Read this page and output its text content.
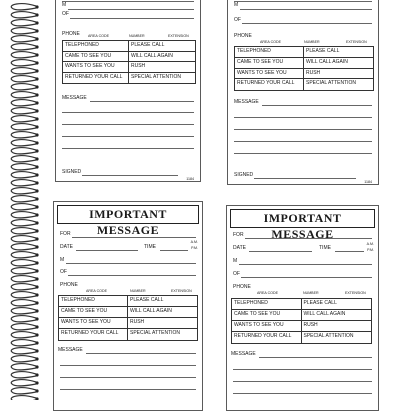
M
OF
PHONE AREA CODE	NUMBER	EXTENSION
TELEPHONED	PLEASE CALL
CAME TO SEE YOU	WILL CALL AGAIN
WANTS TO SEE YOU	RUSH
RETURNED YOUR CALL	SPECIAL ATTENTION
MESSAGE
SIGNED
1184
M
OF
PHONE
AREA CODE	NUMBER	EXTENSION
TELEPHONED	PLEASE CALL
CAME TO SEE YOU	WILL CALL AGAIN
WANTS TO SEE YOU	RUSH
RETURNED YOUR CALL	SPECIAL ATTENTION
MESSAGE
SIGNED
1184
IMPORTANT MESSAGE
FOR
DATE	TIME
A.M.
P.M.
M
OF
PHONE
AREA CODE	NUMBER	EXTENSION
TELEPHONED	PLEASE CALL
CAME TO SEE YOU	WILL CALL AGAIN
WANTS TO SEE YOU	RUSH
RETURNED YOUR CALL	SPECIAL ATTENTION
MESSAGE
IMPORTANT MESSAGE
FOR
DATE	TIME
A.M.
P.M.
M
OF
PHONE
AREA CODE	NUMBER	EXTENSION
TELEPHONED	PLEASE CALL
CAME TO SEE YOU	WILL CALL AGAIN
WANTS TO SEE YOU	RUSH
RETURNED YOUR CALL	SPECIAL ATTENTION
MESSAGE
